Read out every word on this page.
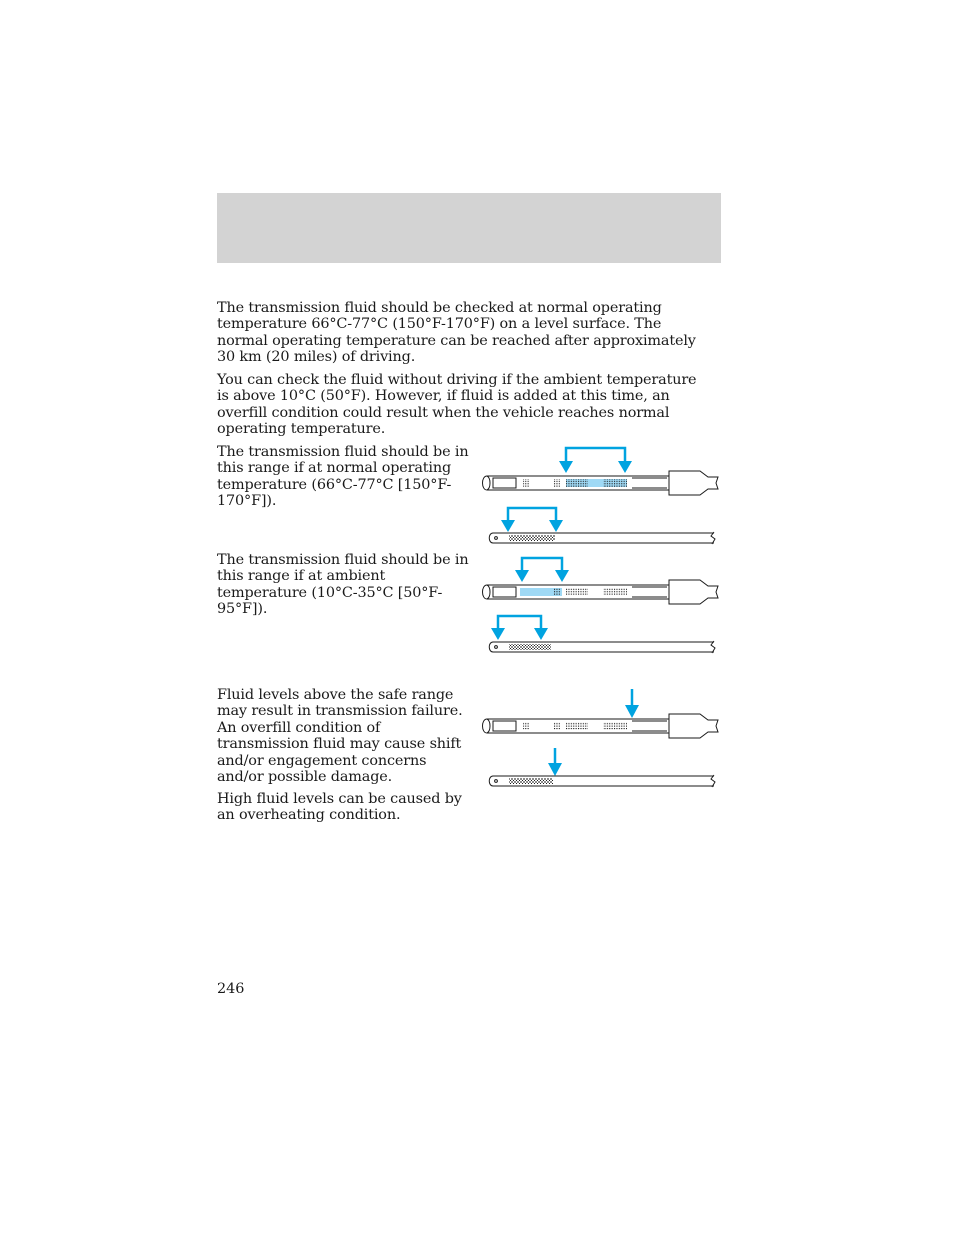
The transmission fluid should be checked at normal operating temperature 66°C-77°C (150°F-170°F) on a level surface. The normal operating temperature can be reached after approximately 30 km (20 miles) of driving.

You can check the fluid without driving if the ambient temperature is above 10°C (50°F). However, if fluid is added at this time, an overfill condition could result when the vehicle reaches normal operating temperature.

The transmission fluid should be in this range if at normal operating temperature (66°C-77°C [150°F-170°F]).

The transmission fluid should be in this range if at ambient temperature (10°C-35°C [50°F-95°F]).

Fluid levels above the safe range may result in transmission failure. An overfill condition of transmission fluid may cause shift and/or engagement concerns and/or possible damage.

High fluid levels can be caused by an overheating condition.

246
